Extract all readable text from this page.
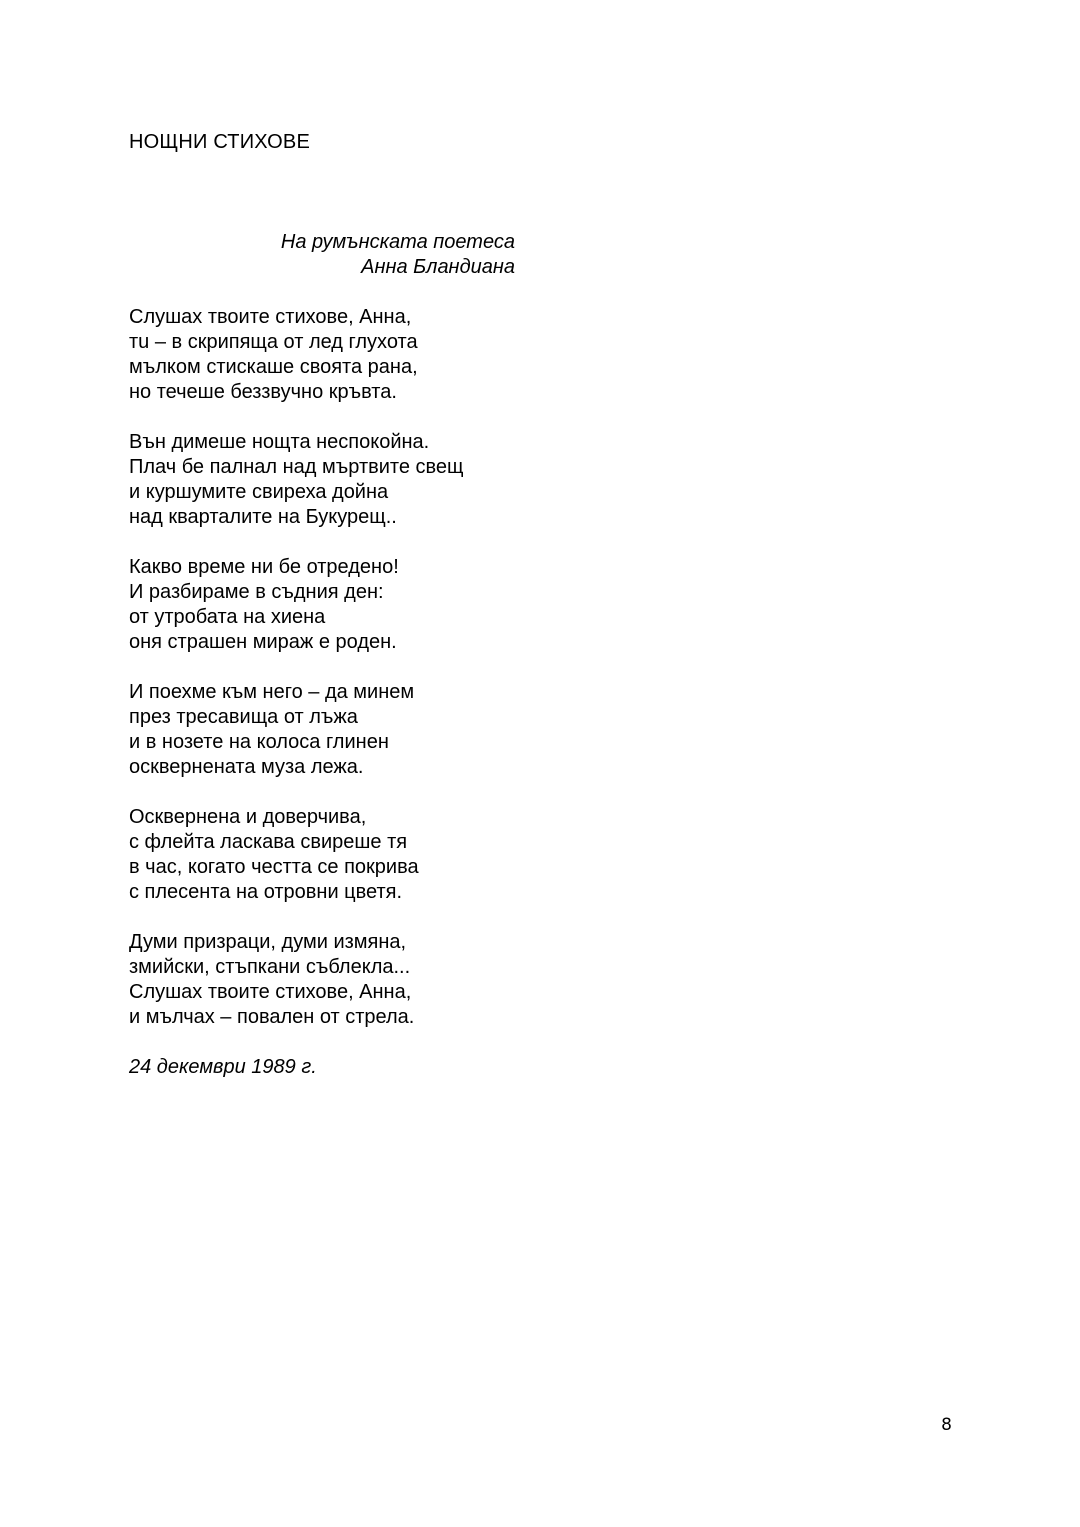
НОЩНИ СТИХОВЕ
На румънската поетеса
Анна Бландиана
Слушах твоите стихове, Анна,
тu – в скрипяща от лед глухота
мълком стискаше своята рана,
но течеше беззвучно кръвта.
Вън димеше нощта неспокойна.
Плач бе палнал над мъртвите свещ
и куршумите свиреха дойна
над кварталите на Букурещ..
Какво време ни бе отредено!
И разбираме в съдния ден:
от утробата на хиена
оня страшен мираж е роден.
И поехме към него – да минем
през тресавища от лъжа
и в нозете на колоса глинен
осквернената муза лежа.
Осквернена и доверчива,
с флейта ласкава свиреше тя
в час, когато честта се покрива
с плесента на отровни цветя.
Думи призраци, думи измяна,
змийски, стъпкани съблекла...
Слушах твоите стихове, Анна,
и мълчах – повален от стрела.
24 декември 1989 г.
8
